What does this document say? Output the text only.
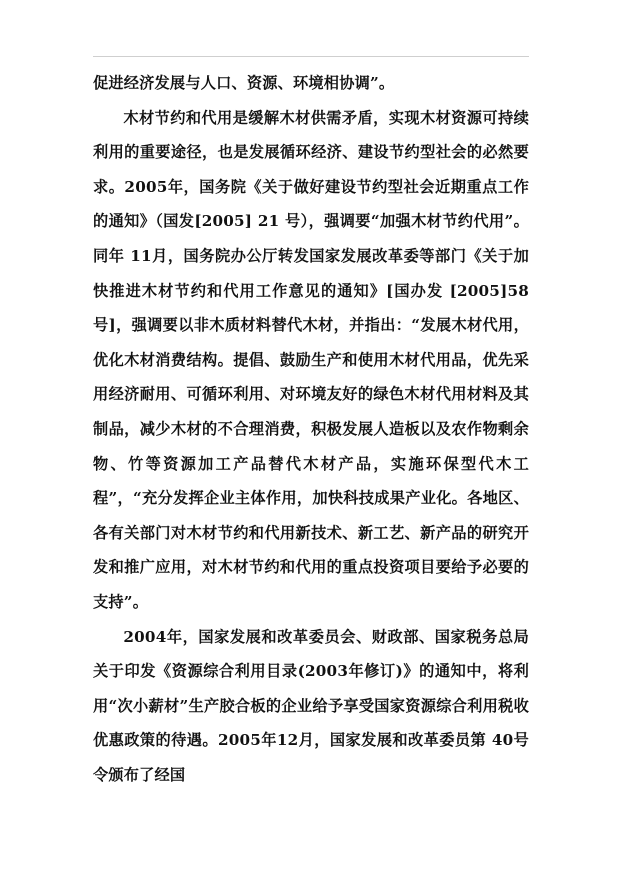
促进经济发展与人口、资源、环境相协调”。

木材节约和代用是缓解木材供需矛盾，实现木材资源可持续利用的重要途径，也是发展循环经济、建设节约型社会的必然要求。2005年，国务院《关于做好建设节约型社会近期重点工作的通知》（国发[2005] 21 号），强调要“加强木材节约代用”。同年 11月，国务院办公厅转发国家发展改革委等部门《关于加快推进木材节约和代用工作意见的通知》[国办发 [2005]58号]，强调要以非木质材料替代木材，并指出：“发展木材代用，优化木材消费结构。提倡、鼓励生产和使用木材代用品，优先采用经济耐用、可循环利用、对环境友好的绿色木材代用材料及其制品，减少木材的不合理消费，积极发展人造板以及农作物剩余物、竹等资源加工产品替代木材产品，实施环保型代木工程”，“充分发挥企业主体作用，加快科技成果产业化。各地区、各有关部门对木材节约和代用新技术、新工艺、新产品的研究开发和推广应用，对木材节约和代用的重点投资项目要给予必要的支持”。

2004年，国家发展和改革委员会、财政部、国家税务总局关于印发《资源综合利用目录(2003年修订)》的通知中，将利用“次小薪材”生产胶合板的企业给予享受国家资源综合利用税收优惠政策的待遇。2005年12月，国家发展和改革委员第 40号令颁布了经国
